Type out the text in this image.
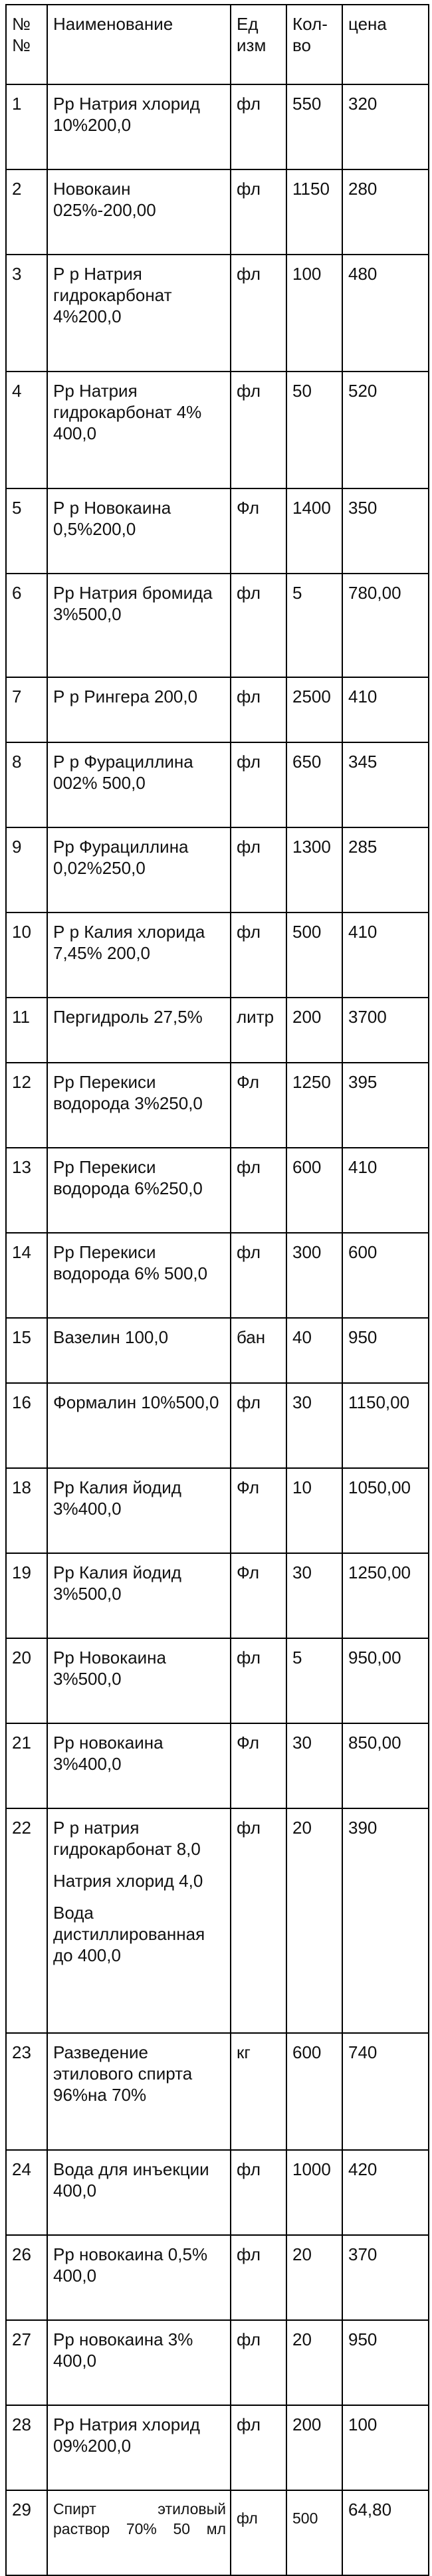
№ №	Наименование	Ед изм	Кол-во	цена
1	Рр Натрия хлорид 10%200,0	фл	550	320
2	Новокаин 025%-200,00	фл	1150	280
3	Р р Натрия гидрокарбонат 4%200,0	фл	100	480
4	Рр Натрия гидрокарбонат 4% 400,0	фл	50	520
5	Р р Новокаина 0,5%200,0	Фл	1400	350
6	Рр Натрия бромида 3%500,0	фл	5	780,00
7	Р р Рингера 200,0	фл	2500	410
8	Р р Фурациллина 002% 500,0	фл	650	345
9	Рр Фурациллина 0,02%250,0	фл	1300	285
10	Р р Калия хлорида 7,45% 200,0	фл	500	410
11	Пергидроль 27,5%	литр	200	3700
12	Рр Перекиси водорода 3%250,0	Фл	1250	395
13	Рр Перекиси водорода 6%250,0	фл	600	410
14	Рр Перекиси водорода 6% 500,0	фл	300	600
15	Вазелин 100,0	бан	40	950
16	Формалин 10%500,0	фл	30	1150,00
18	Рр Калия йодид 3%400,0	Фл	10	1050,00
19	Рр Калия йодид 3%500,0	Фл	30	1250,00
20	Рр Новокаина 3%500,0	фл	5	950,00
21	Рр новокаина 3%400,0	Фл	30	850,00
22	Р р натрия гидрокарбонат 8,0
Натрия хлорид 4,0
Вода дистиллированная до 400,0	фл	20	390
23	Разведение этилового спирта 96%на 70%	кг	600	740
24	Вода для инъекции 400,0	фл	1000	420
26	Рр новокаина 0,5% 400,0	фл	20	370
27	Рр новокаина 3% 400,0	фл	20	950
28	Рр Натрия хлорид 09%200,0	фл	200	100
29	Спирт этиловый раствор 70% 50 мл	фл	500	64,80
